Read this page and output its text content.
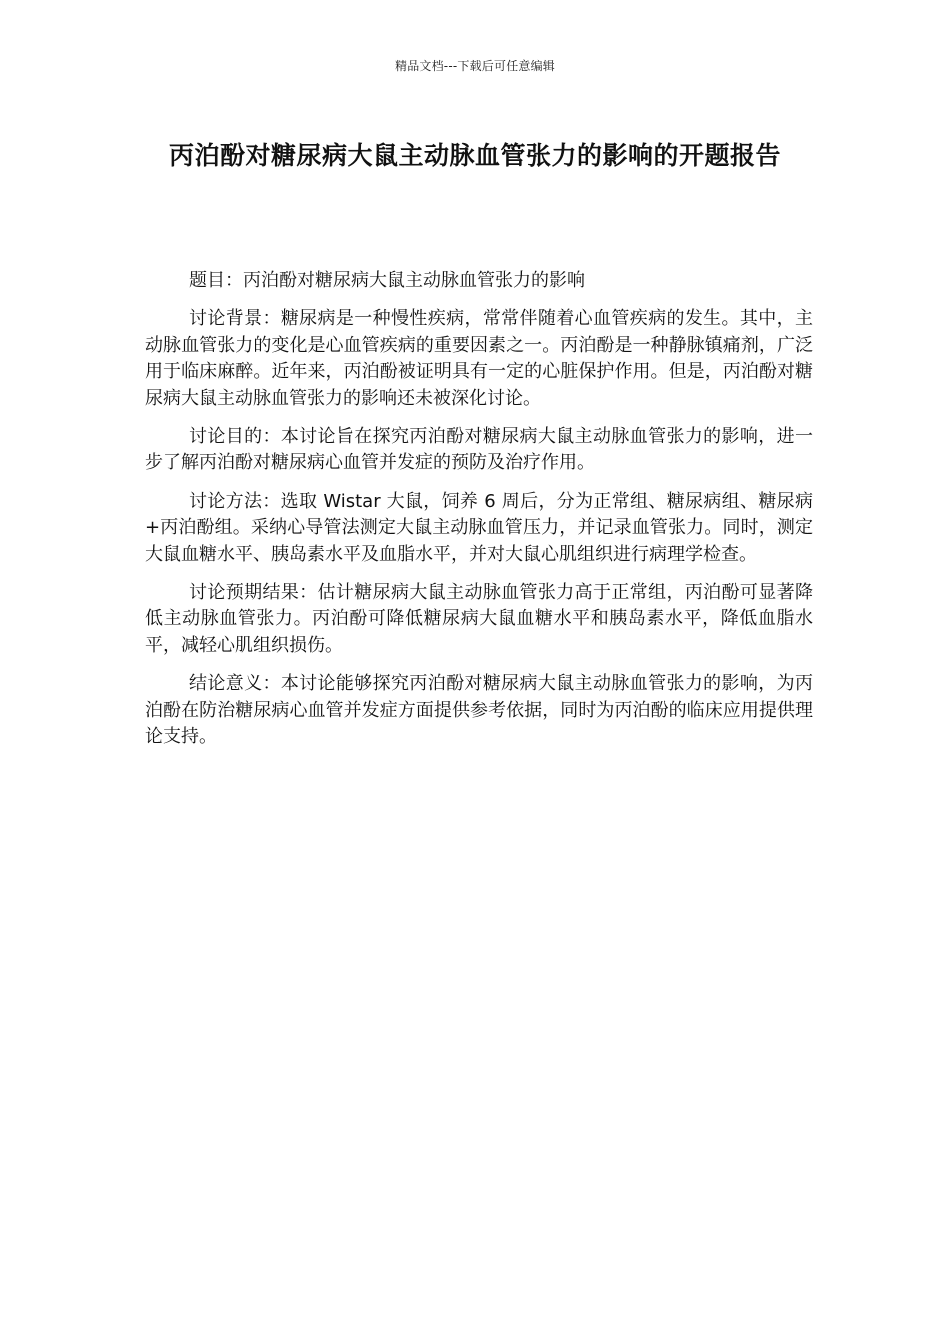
精品文档---下载后可任意编辑
丙泊酚对糖尿病大鼠主动脉血管张力的影响的开题报告

题目：丙泊酚对糖尿病大鼠主动脉血管张力的影响

讨论背景：糖尿病是一种慢性疾病，常常伴随着心血管疾病的发生。其中，主动脉血管张力的变化是心血管疾病的重要因素之一。丙泊酚是一种静脉镇痛剂，广泛用于临床麻醉。近年来，丙泊酚被证明具有一定的心脏保护作用。但是，丙泊酚对糖尿病大鼠主动脉血管张力的影响还未被深化讨论。

讨论目的：本讨论旨在探究丙泊酚对糖尿病大鼠主动脉血管张力的影响，进一步了解丙泊酚对糖尿病心血管并发症的预防及治疗作用。

讨论方法：选取 Wistar 大鼠，饲养 6 周后，分为正常组、糖尿病组、糖尿病+丙泊酚组。采纳心导管法测定大鼠主动脉血管压力，并记录血管张力。同时，测定大鼠血糖水平、胰岛素水平及血脂水平，并对大鼠心肌组织进行病理学检查。

讨论预期结果：估计糖尿病大鼠主动脉血管张力高于正常组，丙泊酚可显著降低主动脉血管张力。丙泊酚可降低糖尿病大鼠血糖水平和胰岛素水平，降低血脂水平，减轻心肌组织损伤。

结论意义：本讨论能够探究丙泊酚对糖尿病大鼠主动脉血管张力的影响，为丙泊酚在防治糖尿病心血管并发症方面提供参考依据，同时为丙泊酚的临床应用提供理论支持。
